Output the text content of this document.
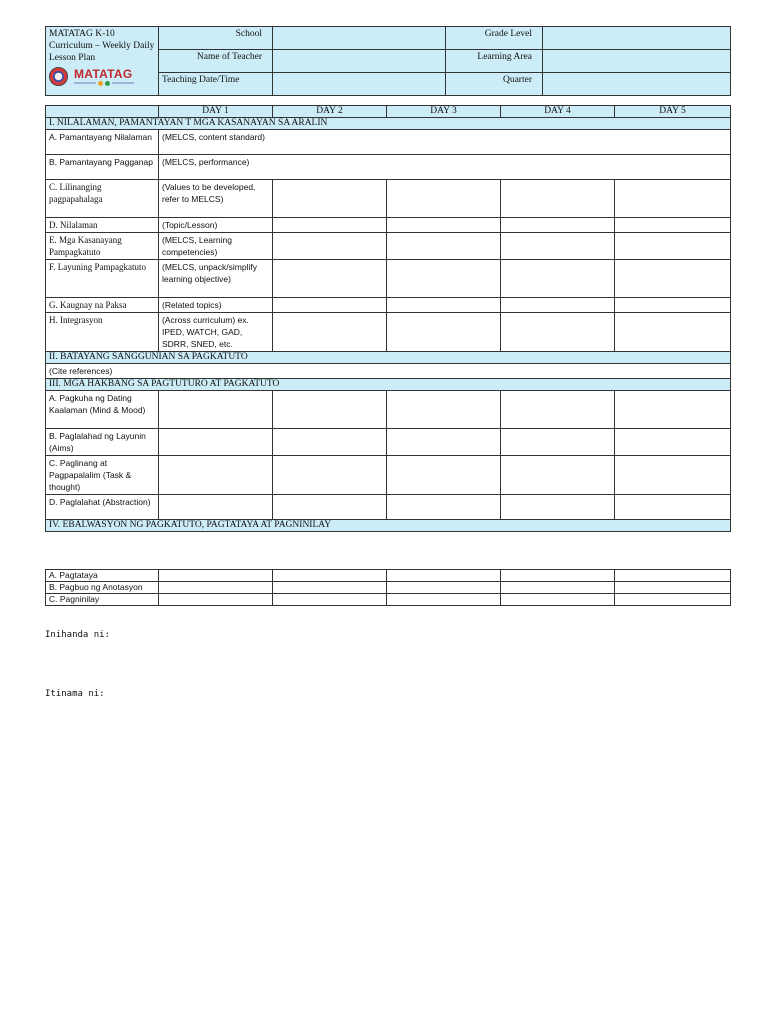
MATATAG K-10 Curriculum – Weekly Daily Lesson Plan
MATATAG	School		Grade Level	
	Name of Teacher		Learning Area	
	Teaching Date/Time		Quarter	
	DAY 1	DAY 2	DAY 3	DAY 4	DAY 5
I. NILALAMAN, PAMANTAYAN T MGA KASANAYAN SA ARALIN					
A. Pamantayang Nilalaman	(MELCS, content standard)				
B. Pamantayang Pagganap	(MELCS, performance)				
C. Lilinanging pagpapahalaga	(Values to be developed, refer to MELCS)				
D. Nilalaman	(Topic/Lesson)				
E. Mga Kasanayang Pampagkatuto	(MELCS, Learning competencies)				
F. Layuning Pampagkatuto	(MELCS, unpack/simplify learning objective)				
G. Kaugnay na Paksa	(Related topics)				
H. Integrasyon	(Across curriculum) ex. IPED, WATCH, GAD, SDRR, SNED, etc.				
II. BATAYANG SANGGUNIAN SA PAGKATUTO					
(Cite references)					
III. MGA HAKBANG SA PAGTUTURO AT PAGKATUTO					
A. Pagkuha ng Dating Kaalaman (Mind & Mood)					
B. Paglalahad ng Layunin (Aims)					
C. Paglinang at Pagpapalalim (Task & thought)					
D. Paglalahat (Abstraction)					
IV. EBALWASYON NG PAGKATUTO, PAGTATAYA AT PAGNINILAY					
A. Pagtataya					
B. Pagbuo ng Anotasyon					
C. Pagninilay					
Inihanda ni:
Itinama ni:
